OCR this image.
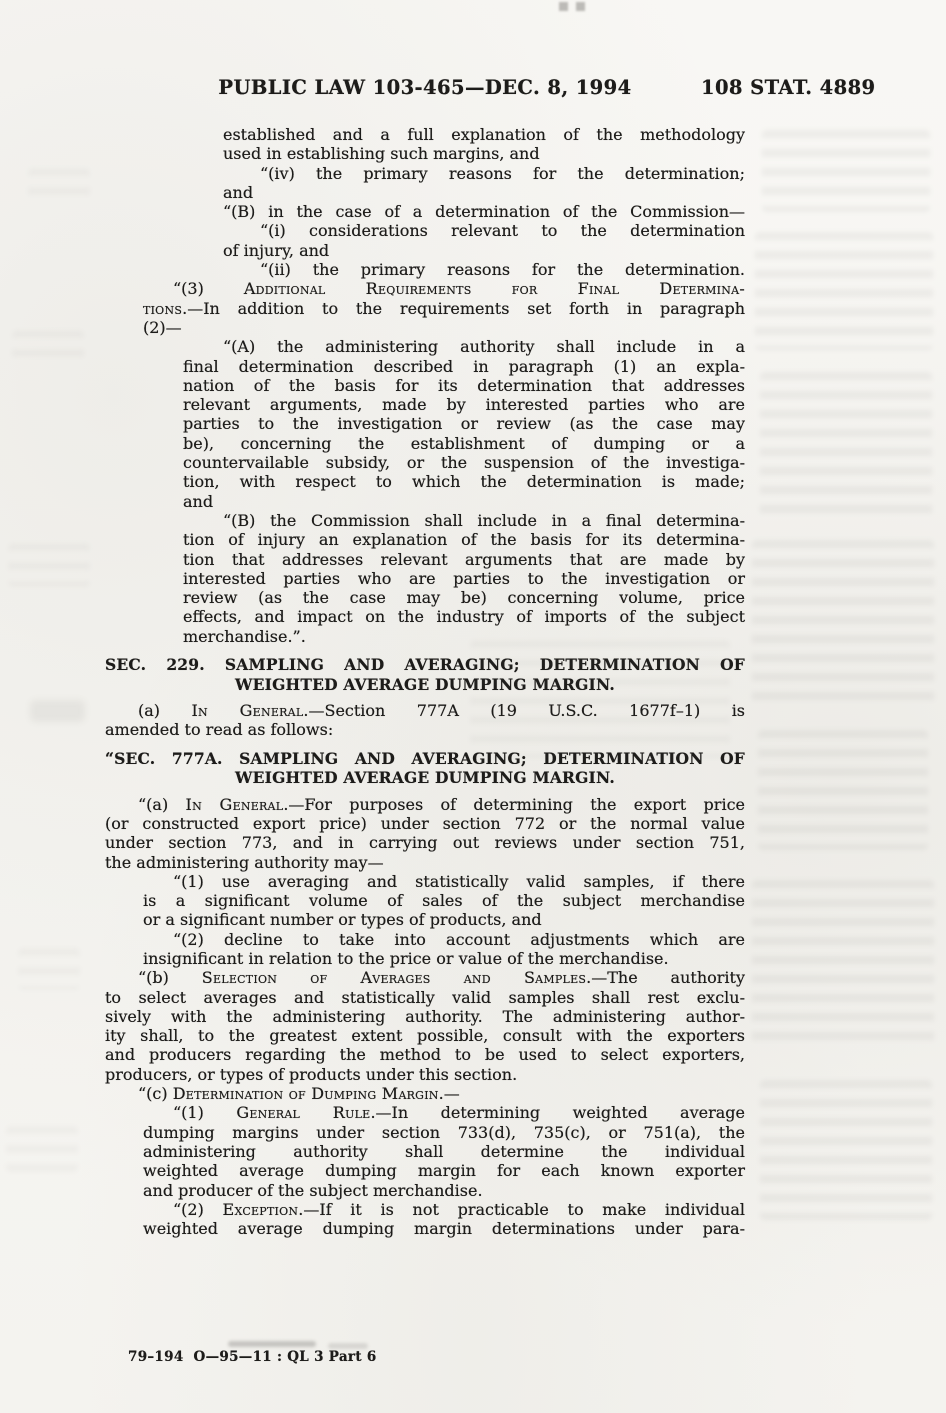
PUBLIC LAW 103-465—DEC. 8, 1994	108 STAT. 4889
established and a full explanation of the methodology
used in establishing such margins, and
“(iv) the primary reasons for the determination;
and
“(B) in the case of a determination of the Commission—
“(i) considerations relevant to the determination
of injury, and
“(ii) the primary reasons for the determination.
“(3) Additional Requirements for Final Determina-
tions.—In addition to the requirements set forth in paragraph
(2)—
“(A) the administering authority shall include in a
final determination described in paragraph (1) an expla-
nation of the basis for its determination that addresses
relevant arguments, made by interested parties who are
parties to the investigation or review (as the case may
be), concerning the establishment of dumping or a
countervailable subsidy, or the suspension of the investiga-
tion, with respect to which the determination is made;
and
“(B) the Commission shall include in a final determina-
tion of injury an explanation of the basis for its determina-
tion that addresses relevant arguments that are made by
interested parties who are parties to the investigation or
review (as the case may be) concerning volume, price
effects, and impact on the industry of imports of the subject
merchandise.”.
SEC. 229. SAMPLING AND AVERAGING; DETERMINATION OF
WEIGHTED AVERAGE DUMPING MARGIN.
(a) In General.—Section 777A (19 U.S.C. 1677f–1) is
amended to read as follows:
“SEC. 777A. SAMPLING AND AVERAGING; DETERMINATION OF
WEIGHTED AVERAGE DUMPING MARGIN.
“(a) In General.—For purposes of determining the export price
(or constructed export price) under section 772 or the normal value
under section 773, and in carrying out reviews under section 751,
the administering authority may—
“(1) use averaging and statistically valid samples, if there
is a significant volume of sales of the subject merchandise
or a significant number or types of products, and
“(2) decline to take into account adjustments which are
insignificant in relation to the price or value of the merchandise.
“(b) Selection of Averages and Samples.—The authority
to select averages and statistically valid samples shall rest exclu-
sively with the administering authority. The administering author-
ity shall, to the greatest extent possible, consult with the exporters
and producers regarding the method to be used to select exporters,
producers, or types of products under this section.
“(c) Determination of Dumping Margin.—
“(1) General Rule.—In determining weighted average
dumping margins under section 733(d), 735(c), or 751(a), the
administering authority shall determine the individual
weighted average dumping margin for each known exporter
and producer of the subject merchandise.
“(2) Exception.—If it is not practicable to make individual
weighted average dumping margin determinations under para-
79–194  O—95—11 : QL 3 Part 6
